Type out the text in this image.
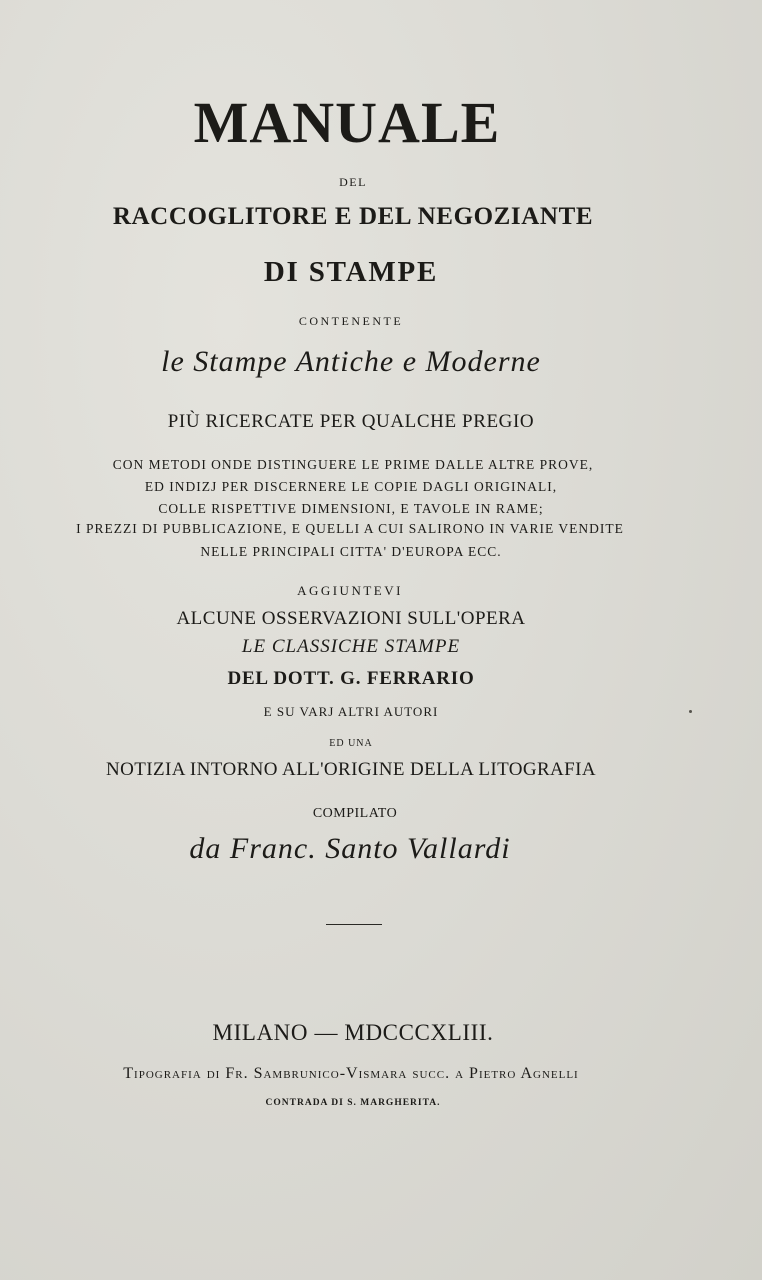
MANUALE
DEL
RACCOGLITORE E DEL NEGOZIANTE
DI STAMPE
CONTENENTE
le Stampe Antiche e Moderne
PIÙ RICERCATE PER QUALCHE PREGIO
CON METODI ONDE DISTINGUERE LE PRIME DALLE ALTRE PROVE,
ED INDIZJ PER DISCERNERE LE COPIE DAGLI ORIGINALI,
COLLE RISPETTIVE DIMENSIONI, E TAVOLE IN RAME;
I PREZZI DI PUBBLICAZIONE, E QUELLI A CUI SALIRONO IN VARIE VENDITE
NELLE PRINCIPALI CITTA' D'EUROPA ECC.
AGGIUNTEVI
ALCUNE OSSERVAZIONI SULL'OPERA
LE CLASSICHE STAMPE
DEL DOTT. G. FERRARIO
E SU VARJ ALTRI AUTORI
ED UNA
NOTIZIA INTORNO ALL'ORIGINE DELLA LITOGRAFIA
COMPILATO
da Franc. Santo Vallardi
MILANO — MDCCCXLIII.
Tipografia di Fr. Sambrunico-Vismara succ. a Pietro Agnelli
CONTRADA DI S. MARGHERITA.
